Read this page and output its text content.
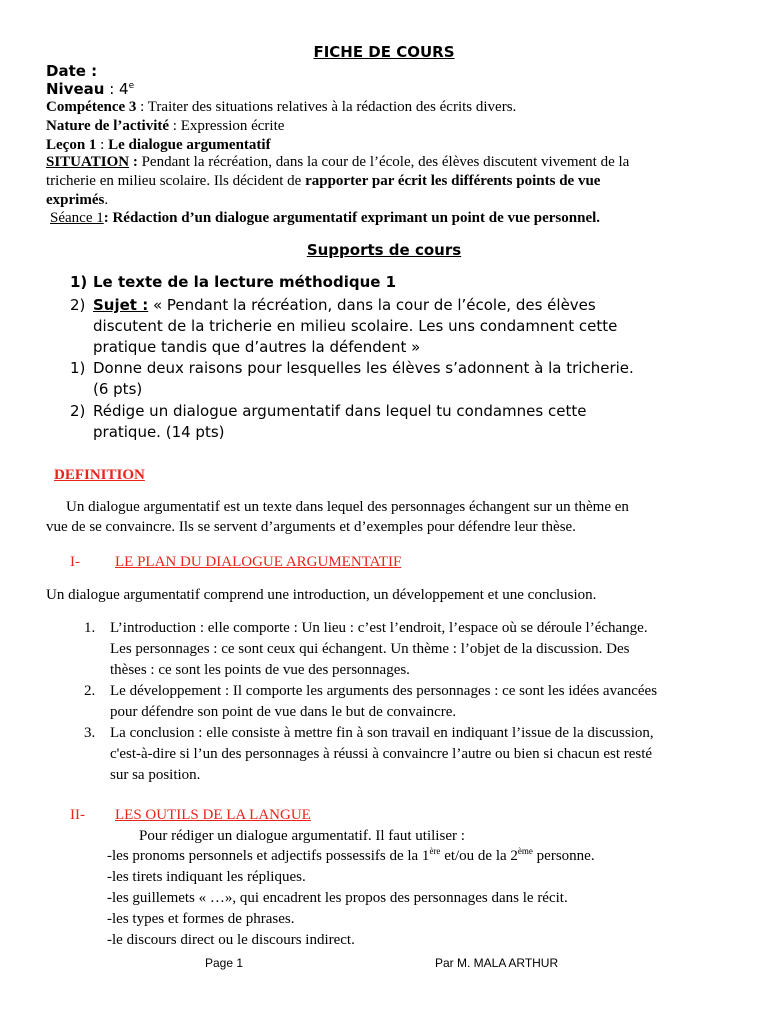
FICHE DE COURS
Date :
Niveau : 4e
Compétence 3 : Traiter des situations relatives à la rédaction des écrits divers.
Nature de l’activité : Expression écrite
Leçon 1 : Le dialogue argumentatif
SITUATION : Pendant la récréation, dans la cour de l’école, des élèves discutent vivement de la
tricherie en milieu scolaire. Ils décident de rapporter par écrit les différents points de vue
exprimés.
Séance 1: Rédaction d’un dialogue argumentatif exprimant un point de vue personnel.
Supports de cours
1) Le texte de la lecture méthodique 1
2) Sujet : « Pendant la récréation, dans la cour de l’école, des élèves
discutent de la tricherie en milieu scolaire. Les uns condamnent cette
pratique tandis que d’autres la défendent »
1) Donne deux raisons pour lesquelles les élèves s’adonnent à la tricherie.
(6 pts)
2) Rédige un dialogue argumentatif dans lequel tu condamnes cette
pratique. (14 pts)
DEFINITION
Un dialogue argumentatif est un texte dans lequel des personnages échangent sur un thème en
vue de se convaincre. Ils se servent d’arguments et d’exemples pour défendre leur thèse.
I- LE PLAN DU DIALOGUE ARGUMENTATIF
Un dialogue argumentatif comprend une introduction, un développement et une conclusion.
1. L’introduction : elle comporte : Un lieu : c’est l’endroit, l’espace où se déroule l’échange.
Les personnages : ce sont ceux qui échangent. Un thème : l’objet de la discussion. Des
thèses : ce sont les points de vue des personnages.
2. Le développement : Il comporte les arguments des personnages : ce sont les idées avancées
pour défendre son point de vue dans le but de convaincre.
3. La conclusion : elle consiste à mettre fin à son travail en indiquant l’issue de la discussion,
c'est-à-dire si l’un des personnages à réussi à convaincre l’autre ou bien si chacun est resté
sur sa position.
II- LES OUTILS DE LA LANGUE
Pour rédiger un dialogue argumentatif. Il faut utiliser :
-les pronoms personnels et adjectifs possessifs de la 1ère et/ou de la 2ème personne.
-les tirets indiquant les répliques.
-les guillemets « …», qui encadrent les propos des personnages dans le récit.
-les types et formes de phrases.
-le discours direct ou le discours indirect.
Page 1	Par M. MALA ARTHUR
